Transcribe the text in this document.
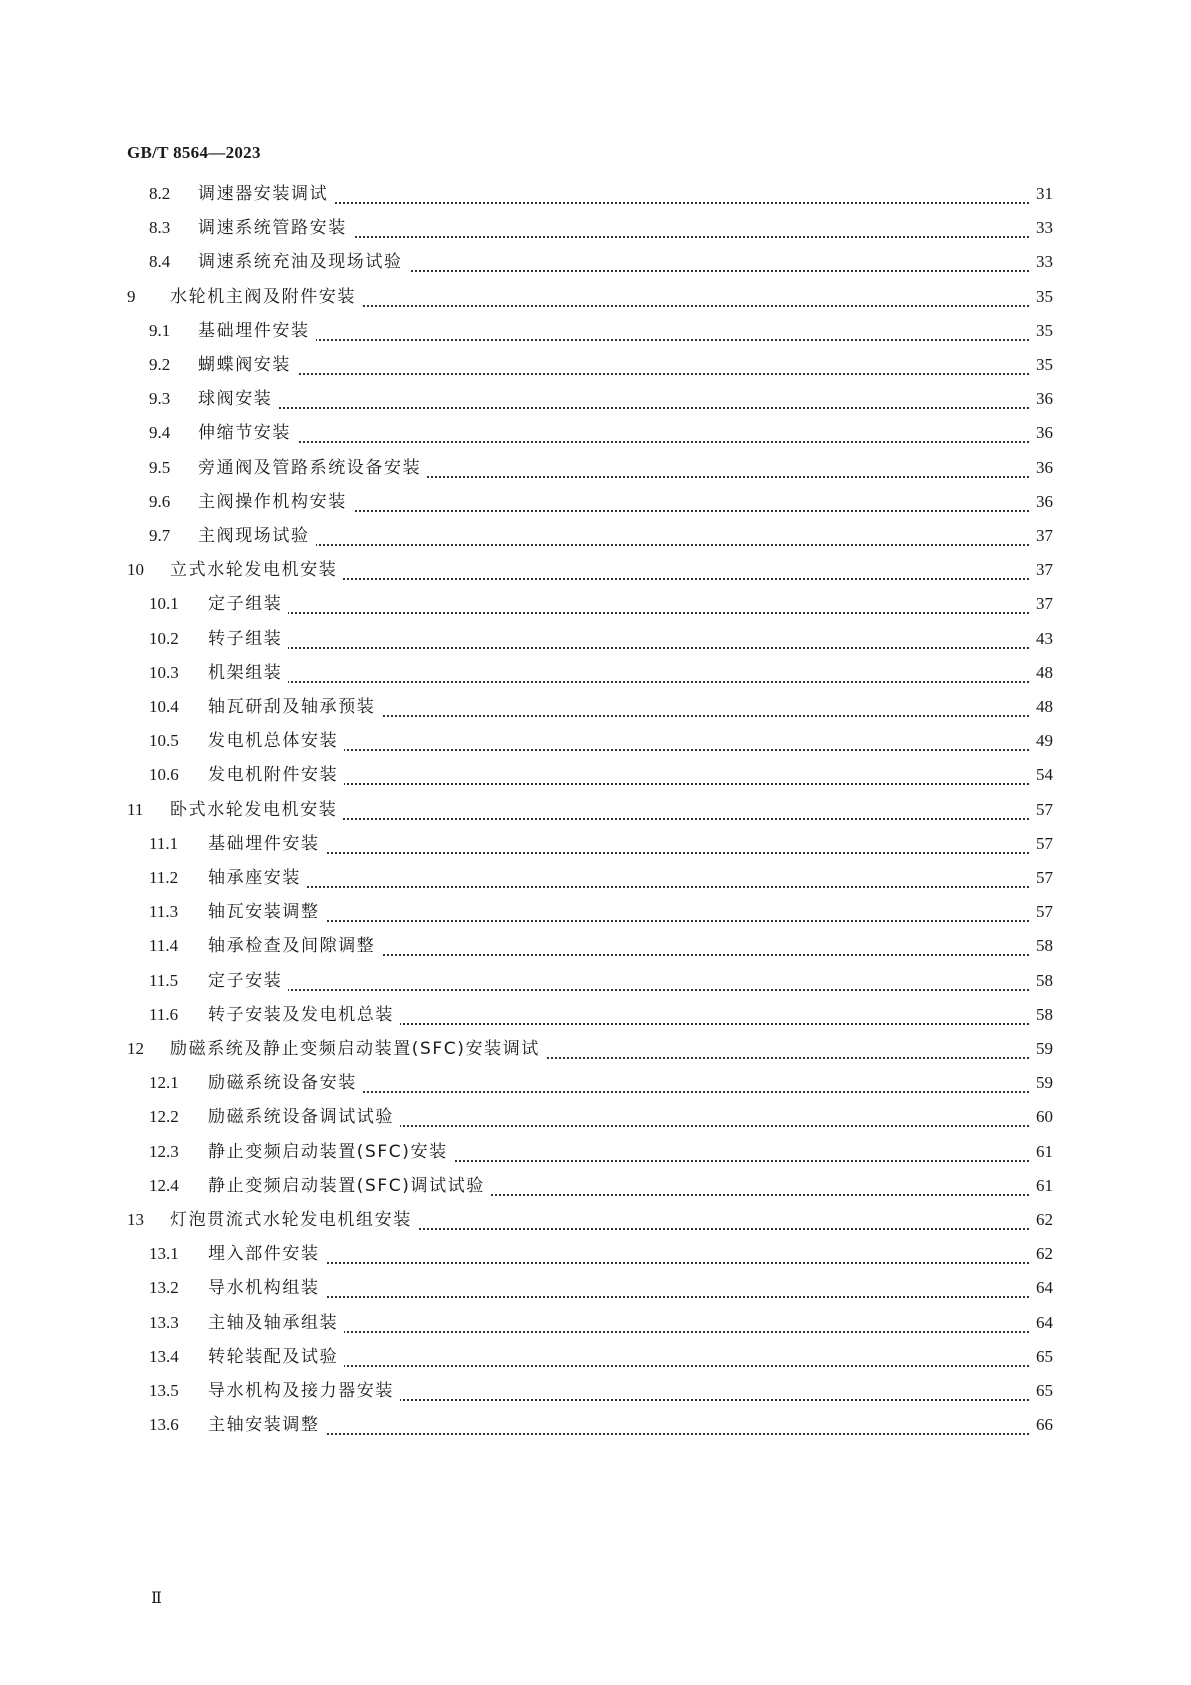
GB/T 8564—2023
8.2 调速器安装调试	31
8.3 调速系统管路安装	33
8.4 调速系统充油及现场试验	33
9 水轮机主阀及附件安装	35
9.1 基础埋件安装	35
9.2 蝴蝶阀安装	35
9.3 球阀安装	36
9.4 伸缩节安装	36
9.5 旁通阀及管路系统设备安装	36
9.6 主阀操作机构安装	36
9.7 主阀现场试验	37
10 立式水轮发电机安装	37
10.1 定子组装	37
10.2 转子组装	43
10.3 机架组装	48
10.4 轴瓦研刮及轴承预装	48
10.5 发电机总体安装	49
10.6 发电机附件安装	54
11 卧式水轮发电机安装	57
11.1 基础埋件安装	57
11.2 轴承座安装	57
11.3 轴瓦安装调整	57
11.4 轴承检查及间隙调整	58
11.5 定子安装	58
11.6 转子安装及发电机总装	58
12 励磁系统及静止变频启动装置(SFC)安装调试	59
12.1 励磁系统设备安装	59
12.2 励磁系统设备调试试验	60
12.3 静止变频启动装置(SFC)安装	61
12.4 静止变频启动装置(SFC)调试试验	61
13 灯泡贯流式水轮发电机组安装	62
13.1 埋入部件安装	62
13.2 导水机构组装	64
13.3 主轴及轴承组装	64
13.4 转轮装配及试验	65
13.5 导水机构及接力器安装	65
13.6 主轴安装调整	66
Ⅱ
